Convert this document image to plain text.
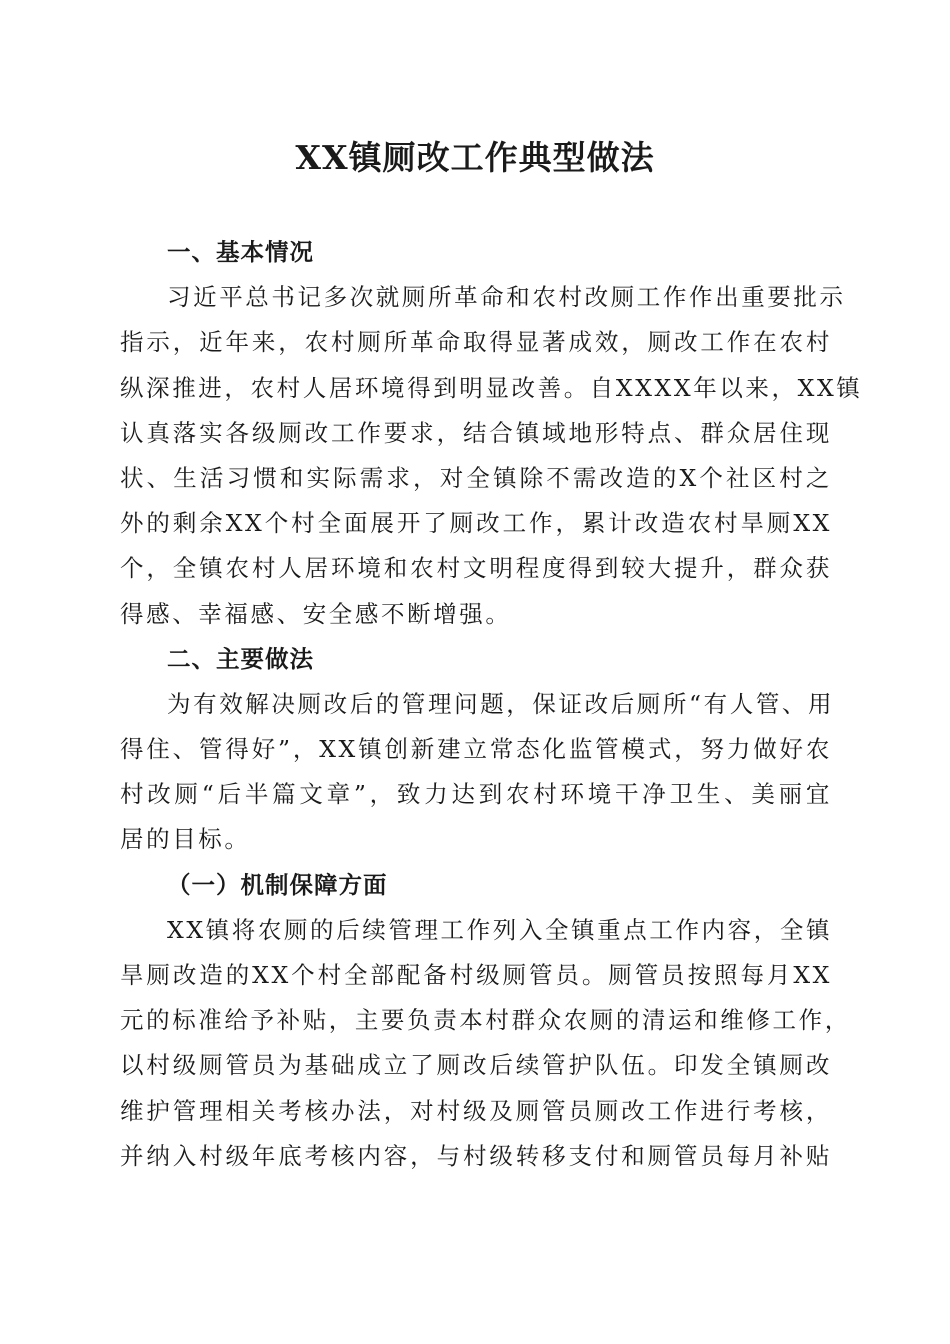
XX镇厕改工作典型做法

一、基本情况

习近平总书记多次就厕所革命和农村改厕工作作出重要批示

指示，近年来，农村厕所革命取得显著成效，厕改工作在农村

纵深推进，农村人居环境得到明显改善。自XXXX年以来，XX镇

认真落实各级厕改工作要求，结合镇域地形特点、群众居住现

状、生活习惯和实际需求，对全镇除不需改造的X个社区村之

外的剩余XX个村全面展开了厕改工作，累计改造农村旱厕XX

个，全镇农村人居环境和农村文明程度得到较大提升，群众获

得感、幸福感、安全感不断增强。

二、主要做法

为有效解决厕改后的管理问题，保证改后厕所“有人管、用

得住、管得好”，XX镇创新建立常态化监管模式，努力做好农

村改厕“后半篇文章”，致力达到农村环境干净卫生、美丽宜

居的目标。

（一）机制保障方面

XX镇将农厕的后续管理工作列入全镇重点工作内容，全镇

旱厕改造的XX个村全部配备村级厕管员。厕管员按照每月XX

元的标准给予补贴，主要负责本村群众农厕的清运和维修工作，

以村级厕管员为基础成立了厕改后续管护队伍。印发全镇厕改

维护管理相关考核办法，对村级及厕管员厕改工作进行考核，

并纳入村级年底考核内容，与村级转移支付和厕管员每月补贴
